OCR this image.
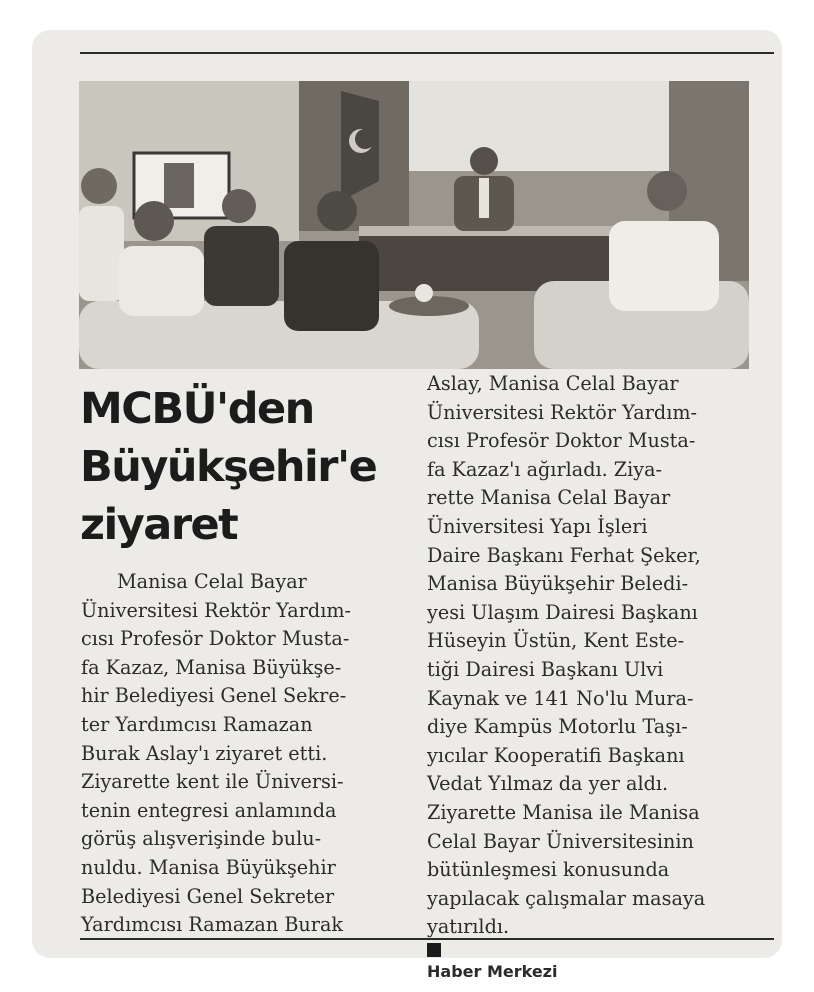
MCBÜ'den
Büyükşehir'e
ziyaret

Manisa Celal Bayar
Üniversitesi Rektör Yardım-
cısı Profesör Doktor Musta-
fa Kazaz, Manisa Büyükşe-
hir Belediyesi Genel Sekre-
ter Yardımcısı Ramazan
Burak Aslay'ı ziyaret etti.
Ziyarette kent ile Üniversi-
tenin entegresi anlamında
görüş alışverişinde bulu-
nuldu. Manisa Büyükşehir
Belediyesi Genel Sekreter
Yardımcısı Ramazan Burak

Aslay, Manisa Celal Bayar
Üniversitesi Rektör Yardım-
cısı Profesör Doktor Musta-
fa Kazaz'ı ağırladı. Ziya-
rette Manisa Celal Bayar
Üniversitesi Yapı İşleri
Daire Başkanı Ferhat Şeker,
Manisa Büyükşehir Beledi-
yesi Ulaşım Dairesi Başkanı
Hüseyin Üstün, Kent Este-
tiği Dairesi Başkanı Ulvi
Kaynak ve 141 No'lu Mura-
diye Kampüs Motorlu Taşı-
yıcılar Kooperatifi Başkanı
Vedat Yılmaz da yer aldı.
Ziyarette Manisa ile Manisa
Celal Bayar Üniversitesinin
bütünleşmesi konusunda
yapılacak çalışmalar masaya
yatırıldı.
Haber Merkezi
